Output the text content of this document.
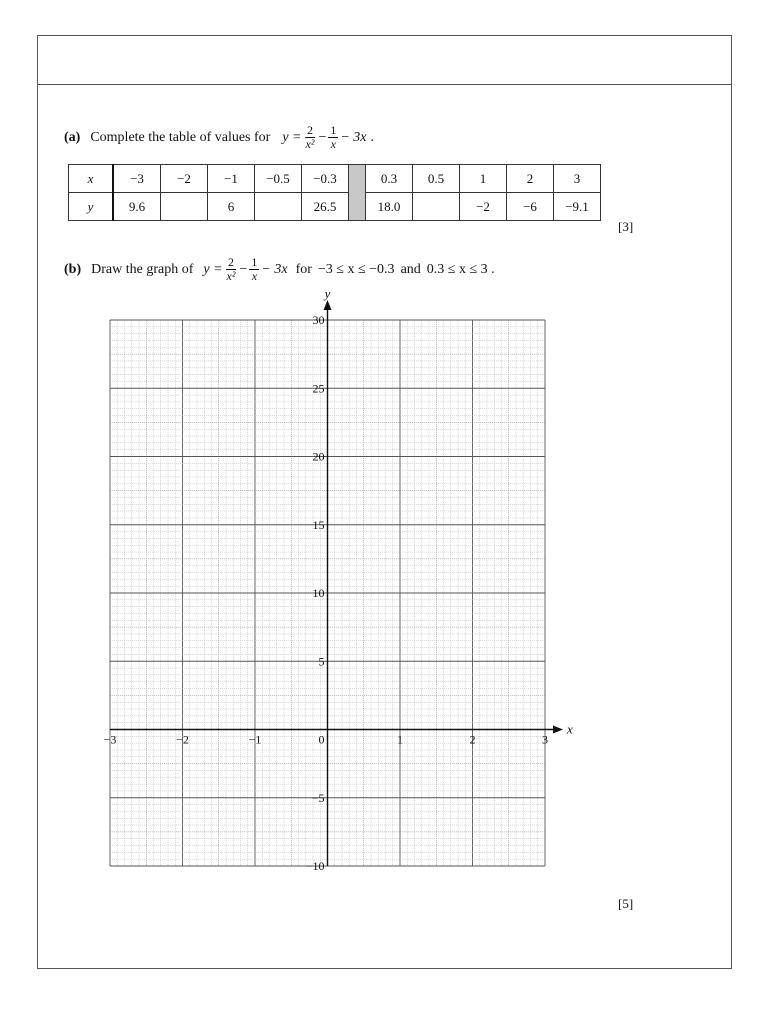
(a) Complete the table of values for $y = \frac{2}{\text{x²}} - \frac{1}{x} - 3x$ .
x	−3	−2	−1	−0.5	−0.3		0.3	0.5	1	2	3
y	9.6		6		26.5		18.0		−2	−6	−9.1
[3]
(b) Draw the graph of $y = \frac{2}{\text{x²}} - \frac{1}{x} - 3x$ for −3 ≤ x ≤ −0.3 and 0.3 ≤ x ≤ 3 .
−3	−2	−1	0	1	2	3
30
25
20
15
10
5
−5
−10
x
y
[5]
